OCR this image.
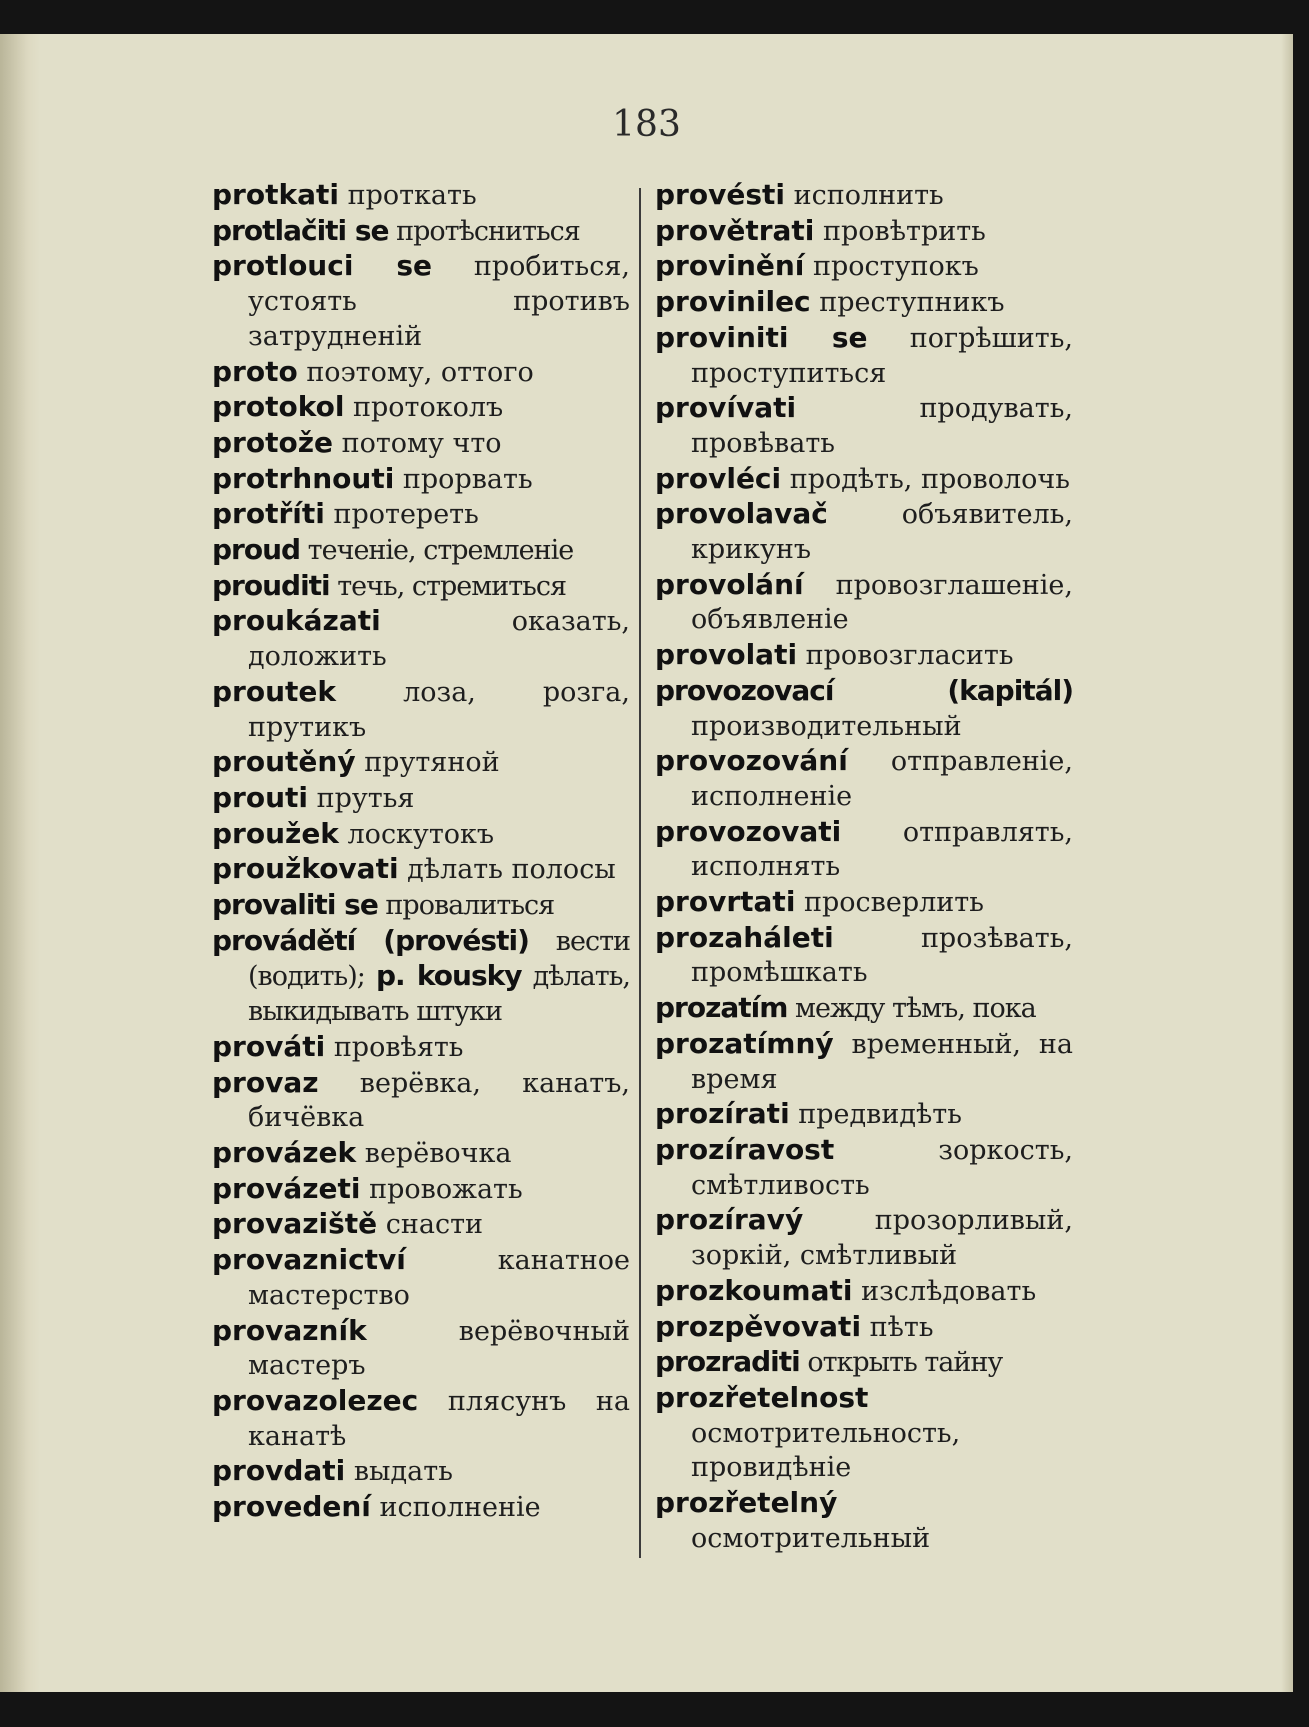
183
protkati проткать
protlačiti se протѣсниться
protlouci se пробиться, устоять противъ затрудненій
proto поэтому, оттого
protokol протоколъ
protože потому что
protrhnouti прорвать
protříti протереть
proud теченіе, стремленіе
prouditi течь, стремиться
proukázati	оказать, доложить
proutek лоза, розга, прутикъ
proutěný прутяной
prouti прутья
proužek лоскутокъ
proužkovati дѣлать полосы
provaliti se провалиться
provádětí (provésti) вести (водить); p. kousky дѣлать, выкидывать штуки
prováti провѣять
provaz верёвка, канатъ, бичёвка
provázek верёвочка
provázeti провожать
provaziště снасти
provaznictví	канатное мастерство
provazník	верёвочный мастеръ
provazolezec плясунъ на канатѣ
provdati выдать
provedení исполненіе
provésti исполнить
provětrati провѣтрить
provinění проступокъ
provinilec преступникъ
proviniti se погрѣшить, проступиться
provívati	продувать, провѣвать
provléci продѣть, проволочь
provolavač	объявитель, крикунъ
provolání провозглашеніе, объявленіе
provolati провозгласить
provozovací (kapitál) производительный
provozování отправленіе, исполненіе
provozovati отправлять, исполнять
provrtati просверлить
prozaháleti	прозѣвать, промѣшкать
prozatím между тѣмъ, пока
prozatímný временный, на время
prozírati предвидѣть
prozíravost	зоркость, смѣтливость
prozíravý	прозорливый, зоркій, смѣтливый
prozkoumati изслѣдовать
prozpěvovati пѣть
prozraditi открыть тайну
prozřetelnost осмотрительность, провидѣніе
prozřetelný осмотрительный
